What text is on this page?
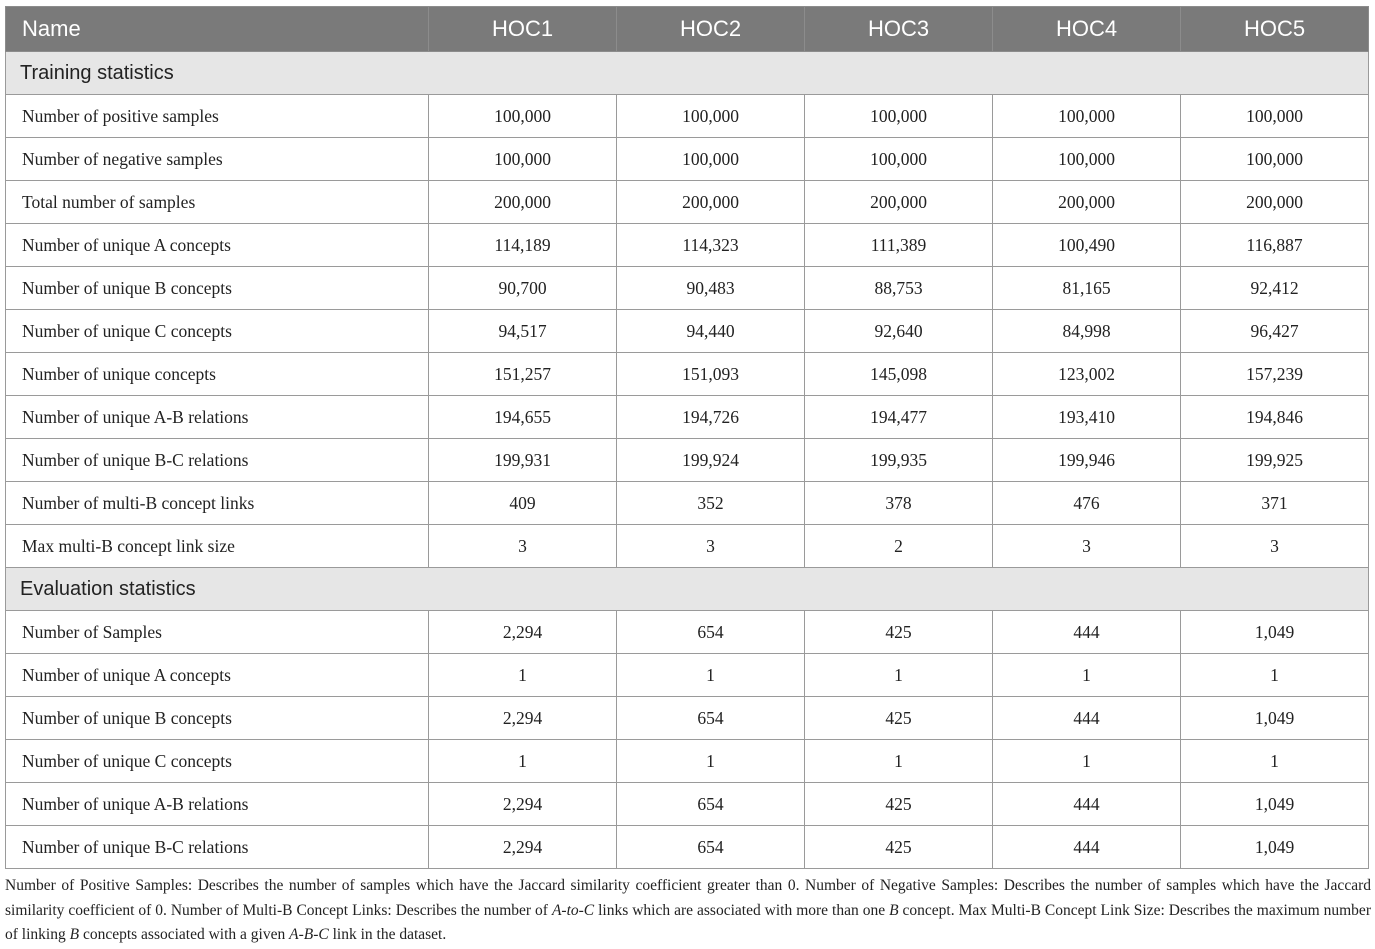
Name	HOC1	HOC2	HOC3	HOC4	HOC5
Training statistics					
Number of positive samples	100,000	100,000	100,000	100,000	100,000
Number of negative samples	100,000	100,000	100,000	100,000	100,000
Total number of samples	200,000	200,000	200,000	200,000	200,000
Number of unique A concepts	114,189	114,323	111,389	100,490	116,887
Number of unique B concepts	90,700	90,483	88,753	81,165	92,412
Number of unique C concepts	94,517	94,440	92,640	84,998	96,427
Number of unique concepts	151,257	151,093	145,098	123,002	157,239
Number of unique A-B relations	194,655	194,726	194,477	193,410	194,846
Number of unique B-C relations	199,931	199,924	199,935	199,946	199,925
Number of multi-B concept links	409	352	378	476	371
Max multi-B concept link size	3	3	2	3	3
Evaluation statistics					
Number of Samples	2,294	654	425	444	1,049
Number of unique A concepts	1	1	1	1	1
Number of unique B concepts	2,294	654	425	444	1,049
Number of unique C concepts	1	1	1	1	1
Number of unique A-B relations	2,294	654	425	444	1,049
Number of unique B-C relations	2,294	654	425	444	1,049
Number of Positive Samples: Describes the number of samples which have the Jaccard similarity coefficient greater than 0. Number of Negative Samples: Describes the number of samples which have the Jaccard similarity coefficient of 0. Number of Multi-B Concept Links: Describes the number of A-to-C links which are associated with more than one B concept. Max Multi-B Concept Link Size: Describes the maximum number of linking B concepts associated with a given A-B-C link in the dataset.
